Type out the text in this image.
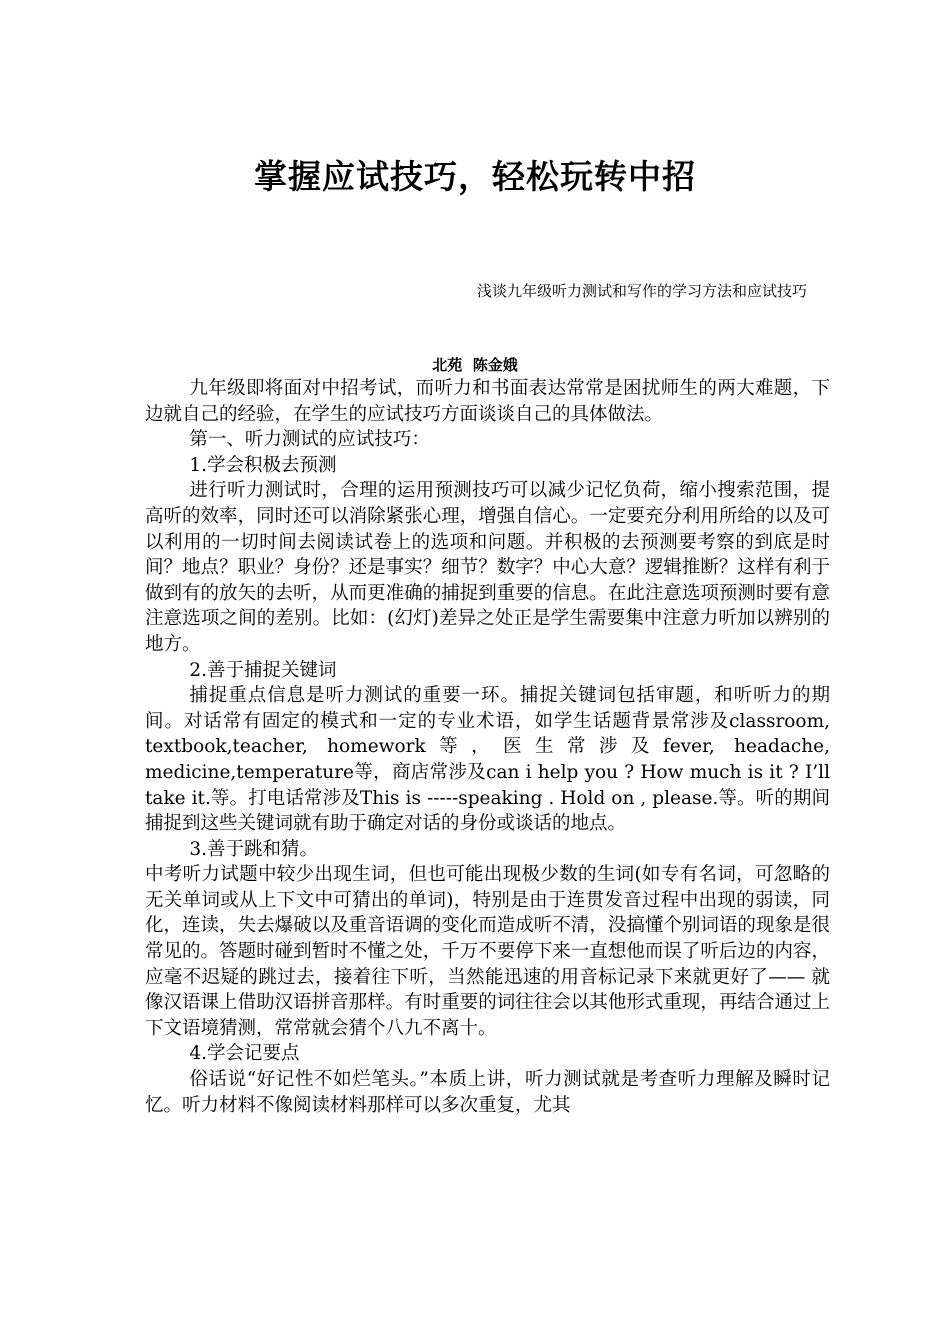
掌握应试技巧，轻松玩转中招
浅谈九年级听力测试和写作的学习方法和应试技巧
北苑  陈金娥

九年级即将面对中招考试，而听力和书面表达常常是困扰师生的两大难题，下边就自己的经验，在学生的应试技巧方面谈谈自己的具体做法。

第一、听力测试的应试技巧：

1.学会积极去预测

进行听力测试时，合理的运用预测技巧可以减少记忆负荷，缩小搜索范围，提高听的效率，同时还可以消除紧张心理，增强自信心。一定要充分利用所给的以及可以利用的一切时间去阅读试卷上的选项和问题。并积极的去预测要考察的到底是时间？地点？职业？身份？还是事实？细节？数字？中心大意？逻辑推断？这样有利于做到有的放矢的去听，从而更准确的捕捉到重要的信息。在此注意选项预测时要有意注意选项之间的差别。比如：(幻灯)差异之处正是学生需要集中注意力听加以辨别的地方。

2.善于捕捉关键词

捕捉重点信息是听力测试的重要一环。捕捉关键词包括审题，和听听力的期间。对话常有固定的模式和一定的专业术语，如学生话题背景常涉及classroom, textbook,teacher, homework等，医生常涉及fever, headache, medicine,temperature等，商店常涉及can i help you ? How much is it ? I’ll take it.等。打电话常涉及This is -----speaking . Hold on , please.等。听的期间捕捉到这些关键词就有助于确定对话的身份或谈话的地点。

3.善于跳和猜。

中考听力试题中较少出现生词，但也可能出现极少数的生词(如专有名词，可忽略的无关单词或从上下文中可猜出的单词)，特别是由于连贯发音过程中出现的弱读，同化，连读，失去爆破以及重音语调的变化而造成听不清，没搞懂个别词语的现象是很常见的。答题时碰到暂时不懂之处，千万不要停下来一直想他而误了听后边的内容，应毫不迟疑的跳过去，接着往下听，当然能迅速的用音标记录下来就更好了—— 就像汉语课上借助汉语拼音那样。有时重要的词往往会以其他形式重现，再结合通过上下文语境猜测，常常就会猜个八九不离十。

4.学会记要点

俗话说“好记性不如烂笔头。”本质上讲，听力测试就是考查听力理解及瞬时记忆。听力材料不像阅读材料那样可以多次重复，尤其
